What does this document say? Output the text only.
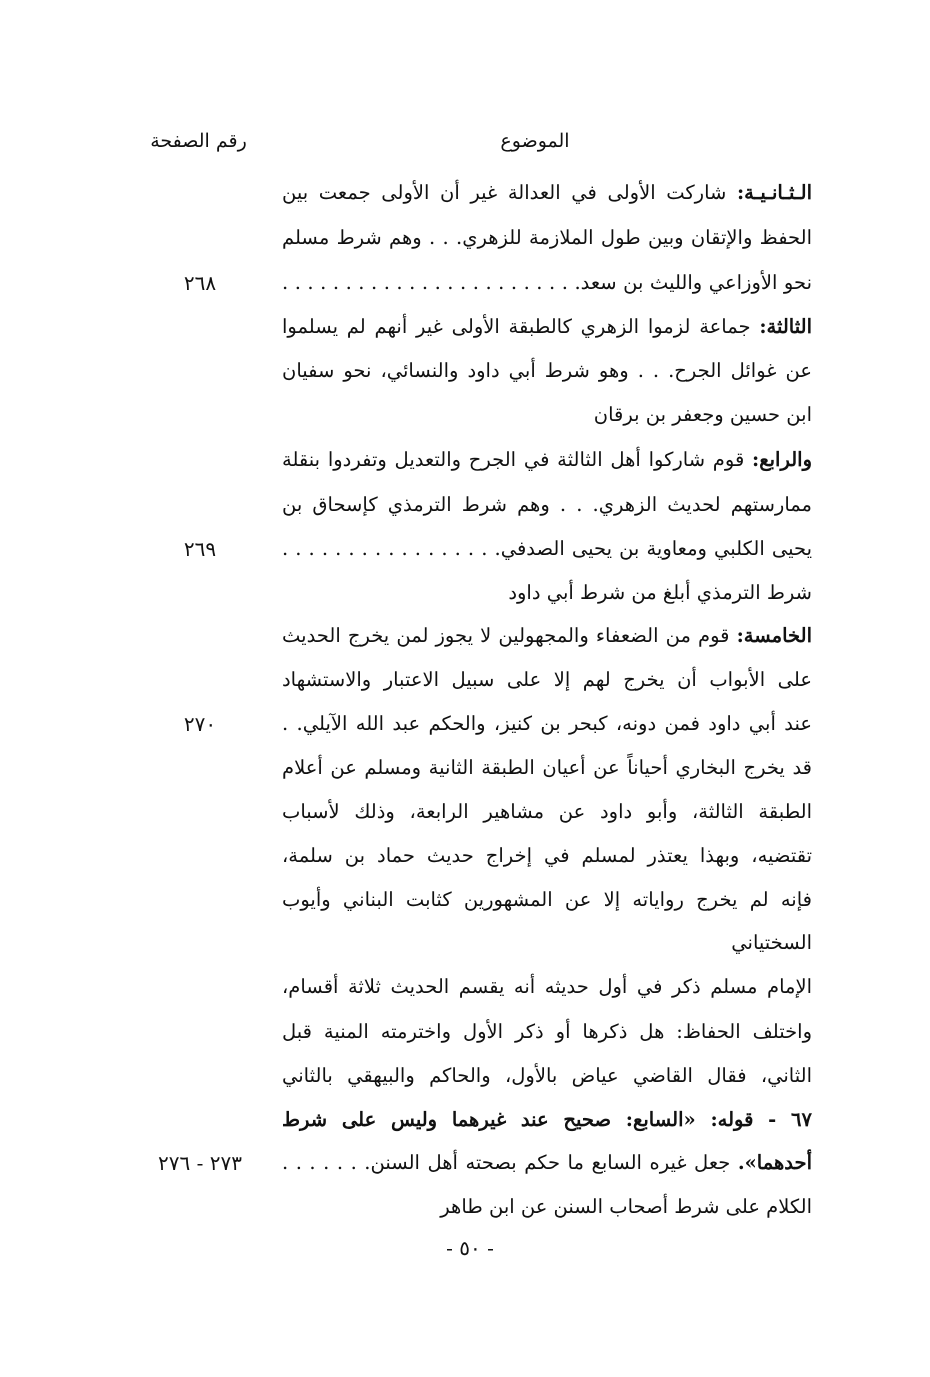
الموضوع
رقم الصفحة
الـثـانـيـة: شاركت الأولى في العدالة غير أن الأولى جمعت بين
الحفظ والإتقان وبين طول الملازمة للزهري. . . وهم شرط مسلم
نحو الأوزاعي والليث بن سعد. . . . . . . . . . . . . . . . . . . . . . . .
٢٦٨
الثالثة: جماعة لزموا الزهري كالطبقة الأولى غير أنهم لم يسلموا
عن غوائل الجرح. . . وهو شرط أبي داود والنسائي، نحو سفيان
ابن حسين وجعفر بن برقان
والرابع: قوم شاركوا أهل الثالثة في الجرح والتعديل وتفردوا بنقلة
ممارستهم لحديث الزهري. . . وهم شرط الترمذي كإسحاق بن
يحيى الكلبي ومعاوية بن يحيى الصدفي. . . . . . . . . . . . . . . . .
٢٦٩
شرط الترمذي أبلغ من شرط أبي داود
الخامسة: قوم من الضعفاء والمجهولين لا يجوز لمن يخرج الحديث
على الأبواب أن يخرج لهم إلا على سبيل الاعتبار والاستشهاد
عند أبي داود فمن دونه، كبحر بن كنيز، والحكم عبد الله الآيلي. .
٢٧٠
قد يخرج البخاري أحياناً عن أعيان الطبقة الثانية ومسلم عن أعلام
الطبقة الثالثة، وأبو داود عن مشاهير الرابعة، وذلك لأسباب
تقتضيه، وبهذا يعتذر لمسلم في إخراج حديث حماد بن سلمة،
فإنه لم يخرج رواياته إلا عن المشهورين كثابت البناني وأيوب
السختياني
الإمام مسلم ذكر في أول حديثه أنه يقسم الحديث ثلاثة أقسام،
واختلف الحفاظ: هل ذكرها أو ذكر الأول واخترمته المنية قبل
الثاني، فقال القاضي عياض بالأول، والحاكم والبيهقي بالثاني
٦٧ - قوله: «السابع: صحيح عند غيرهما وليس على شرط
أحدهما». جعل غيره السابع ما حكم بصحته أهل السنن. . . . . . .
٢٧٣ - ٢٧٦
الكلام على شرط أصحاب السنن عن ابن طاهر
- ٥٠ -
